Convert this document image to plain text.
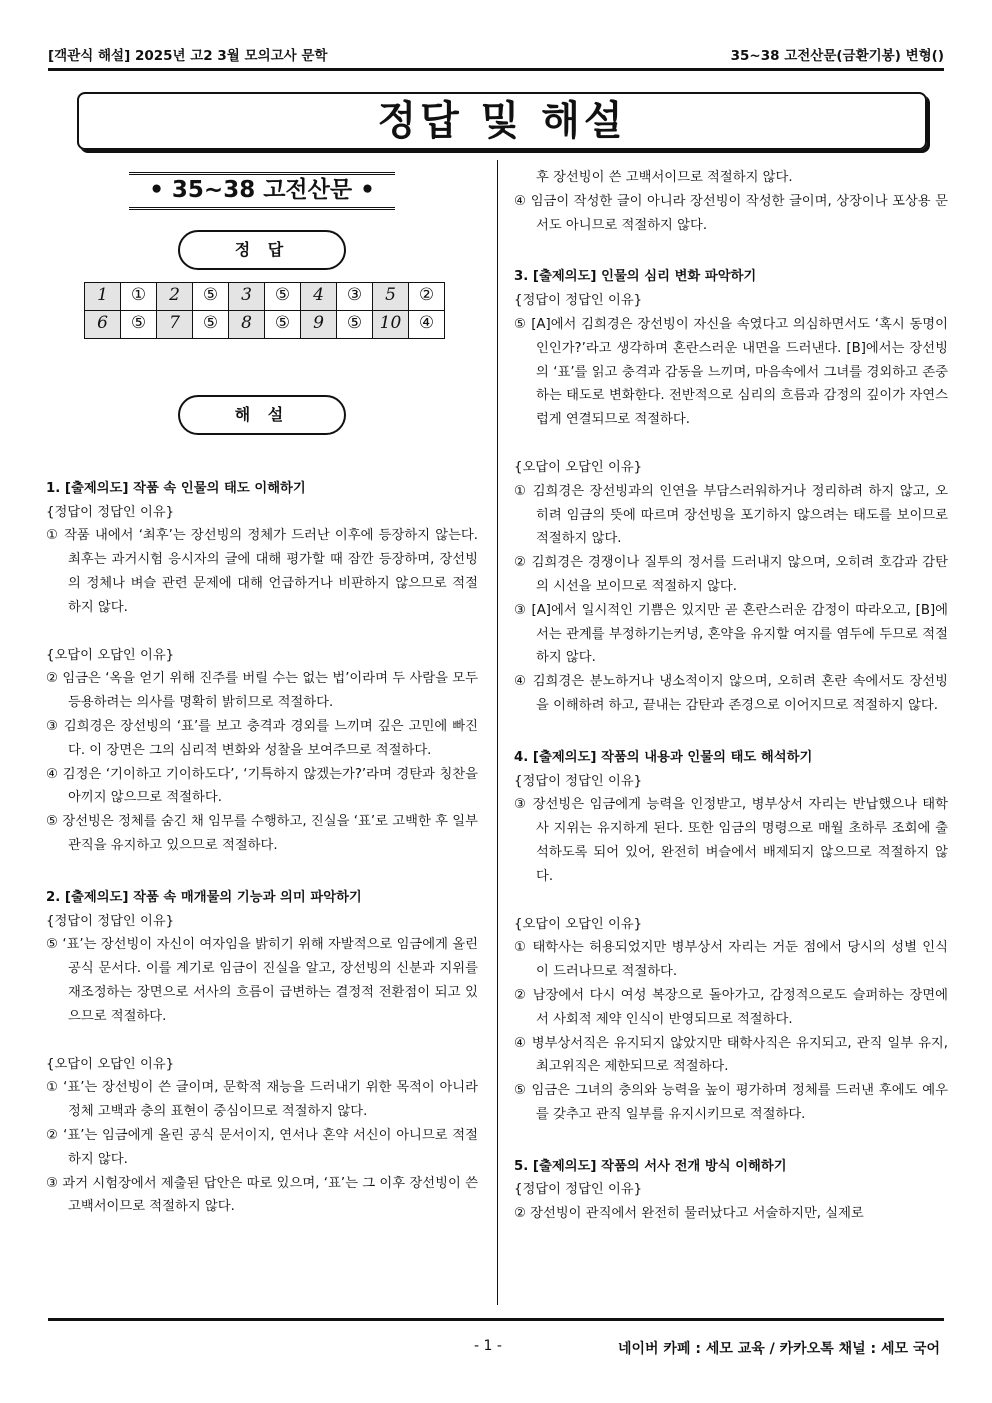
[객관식 해설] 2025년 고2 3월 모의고사 문학	35~38 고전산문(금환기봉) 변형()
정답 및 해설
• 35~38 고전산문 •
정 답
1	①	2	⑤	3	⑤	4	③	5	②
6	⑤	7	⑤	8	⑤	9	⑤	10	④
해 설
1. [출제의도] 작품 속 인물의 태도 이해하기
{정답이 정답인 이유}
① 작품 내에서 ‘최후’는 장선빙의 정체가 드러난 이후에 등장하지 않는다. 최후는 과거시험 응시자의 글에 대해 평가할 때 잠깐 등장하며, 장선빙의 정체나 벼슬 관련 문제에 대해 언급하거나 비판하지 않으므로 적절하지 않다.
{오답이 오답인 이유}
② 임금은 ‘옥을 얻기 위해 진주를 버릴 수는 없는 법’이라며 두 사람을 모두 등용하려는 의사를 명확히 밝히므로 적절하다.
③ 김희경은 장선빙의 ‘표’를 보고 충격과 경외를 느끼며 깊은 고민에 빠진다. 이 장면은 그의 심리적 변화와 성찰을 보여주므로 적절하다.
④ 김정은 ‘기이하고 기이하도다’, ‘기특하지 않겠는가?’라며 경탄과 칭찬을 아끼지 않으므로 적절하다.
⑤ 장선빙은 정체를 숨긴 채 임무를 수행하고, 진실을 ‘표’로 고백한 후 일부 관직을 유지하고 있으므로 적절하다.
2. [출제의도] 작품 속 매개물의 기능과 의미 파악하기
{정답이 정답인 이유}
⑤ ‘표’는 장선빙이 자신이 여자임을 밝히기 위해 자발적으로 임금에게 올린 공식 문서다. 이를 계기로 임금이 진실을 알고, 장선빙의 신분과 지위를 재조정하는 장면으로 서사의 흐름이 급변하는 결정적 전환점이 되고 있으므로 적절하다.
{오답이 오답인 이유}
① ‘표’는 장선빙이 쓴 글이며, 문학적 재능을 드러내기 위한 목적이 아니라 정체 고백과 충의 표현이 중심이므로 적절하지 않다.
② ‘표’는 임금에게 올린 공식 문서이지, 연서나 혼약 서신이 아니므로 적절하지 않다.
③ 과거 시험장에서 제출된 답안은 따로 있으며, ‘표’는 그 이후 장선빙이 쓴 고백서이므로 적절하지 않다.
후 장선빙이 쓴 고백서이므로 적절하지 않다.
④ 임금이 작성한 글이 아니라 장선빙이 작성한 글이며, 상장이나 포상용 문서도 아니므로 적절하지 않다.
3. [출제의도] 인물의 심리 변화 파악하기
{정답이 정답인 이유}
⑤ [A]에서 김희경은 장선빙이 자신을 속였다고 의심하면서도 ‘혹시 동명이인인가?’라고 생각하며 혼란스러운 내면을 드러낸다. [B]에서는 장선빙의 ‘표’를 읽고 충격과 감동을 느끼며, 마음속에서 그녀를 경외하고 존중하는 태도로 변화한다. 전반적으로 심리의 흐름과 감정의 깊이가 자연스럽게 연결되므로 적절하다.
{오답이 오답인 이유}
① 김희경은 장선빙과의 인연을 부담스러워하거나 정리하려 하지 않고, 오히려 임금의 뜻에 따르며 장선빙을 포기하지 않으려는 태도를 보이므로 적절하지 않다.
② 김희경은 경쟁이나 질투의 정서를 드러내지 않으며, 오히려 호감과 감탄의 시선을 보이므로 적절하지 않다.
③ [A]에서 일시적인 기쁨은 있지만 곧 혼란스러운 감정이 따라오고, [B]에서는 관계를 부정하기는커녕, 혼약을 유지할 여지를 염두에 두므로 적절하지 않다.
④ 김희경은 분노하거나 냉소적이지 않으며, 오히려 혼란 속에서도 장선빙을 이해하려 하고, 끝내는 감탄과 존경으로 이어지므로 적절하지 않다.
4. [출제의도] 작품의 내용과 인물의 태도 해석하기
{정답이 정답인 이유}
③ 장선빙은 임금에게 능력을 인정받고, 병부상서 자리는 반납했으나 태학사 지위는 유지하게 된다. 또한 임금의 명령으로 매월 초하루 조회에 출석하도록 되어 있어, 완전히 벼슬에서 배제되지 않으므로 적절하지 않다.
{오답이 오답인 이유}
① 태학사는 허용되었지만 병부상서 자리는 거둔 점에서 당시의 성별 인식이 드러나므로 적절하다.
② 남장에서 다시 여성 복장으로 돌아가고, 감정적으로도 슬퍼하는 장면에서 사회적 제약 인식이 반영되므로 적절하다.
④ 병부상서직은 유지되지 않았지만 태학사직은 유지되고, 관직 일부 유지, 최고위직은 제한되므로 적절하다.
⑤ 임금은 그녀의 충의와 능력을 높이 평가하며 정체를 드러낸 후에도 예우를 갖추고 관직 일부를 유지시키므로 적절하다.
5. [출제의도] 작품의 서사 전개 방식 이해하기
{정답이 정답인 이유}
② 장선빙이 관직에서 완전히 물러났다고 서술하지만, 실제로
- 1 -	네이버 카페 : 세모 교육 / 카카오톡 채널 : 세모 국어
